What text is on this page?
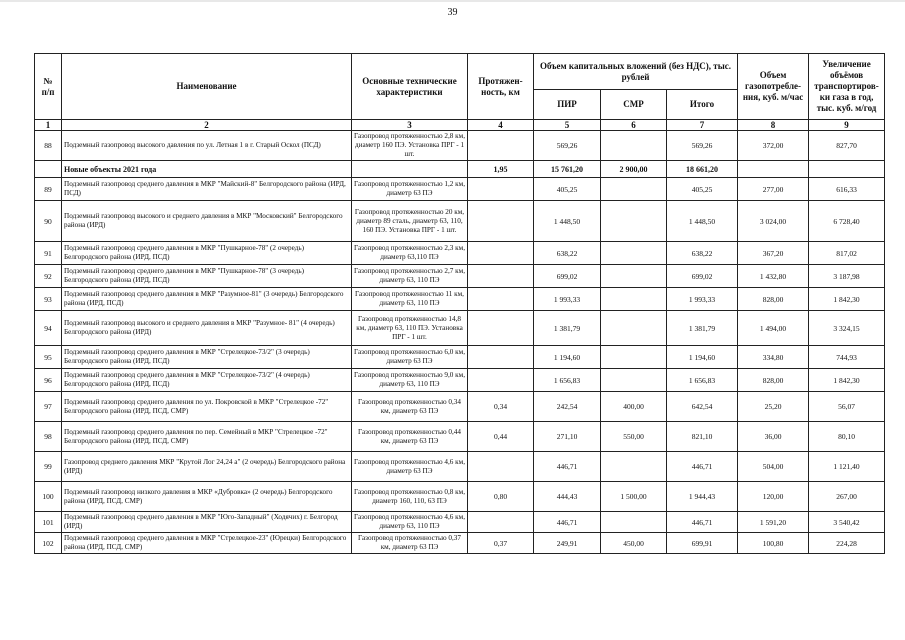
39
№
п/п	Наименование	Основные технические характеристики	Протяжен-ность, км	Объем капитальных вложений (без НДС), тыс. рублей			Объем газопотребле-ния, куб. м/час	Увеличение объёмов транспортиров-ки газа в год, тыс. куб. м/год
				ПИР	СМР	Итого		
1	2	3	4	5	6	7	8	9
88	Подземный газопровод высокого давления по ул. Летная 1 в г. Старый Оскол (ПСД)	Газопровод протяженностью 2,8 км, диаметр 160 ПЭ. Установка ПРГ - 1 шт.		569,26		569,26	372,00	827,70
	Новые объекты 2021 года		1,95	15 761,20	2 900,00	18 661,20		
89	Подземный газопровод среднего давления в МКР "Майский-8" Белгородского района (ИРД, ПСД)	Газопровод протяженностью 1,2 км, диаметр 63 ПЭ		405,25		405,25	277,00	616,33
90	Подземный газопровод высокого и среднего давления в МКР "Московский" Белгородского района (ИРД)	Газопровод протяженностью 20 км, диаметр 89 сталь, диаметр 63, 110, 160 ПЭ. Установка ПРГ - 1 шт.		1 448,50		1 448,50	3 024,00	6 728,40
91	Подземный газопровод среднего давления в МКР "Пушкарное-78" (2 очередь) Белгородского района (ИРД, ПСД)	Газопровод протяженностью 2,3 км, диаметр 63,110 ПЭ		638,22		638,22	367,20	817,02
92	Подземный газопровод среднего давления в МКР "Пушкарное-78" (3 очередь) Белгородского района (ИРД, ПСД)	Газопровод протяженностью 2,7 км, диаметр 63, 110 ПЭ		699,02		699,02	1 432,80	3 187,98
93	Подземный газопровод среднего давления в МКР "Разумное-81" (3 очередь) Белгородского района (ИРД, ПСД)	Газопровод протяженностью 11 км, диаметр 63, 110 ПЭ		1 993,33		1 993,33	828,00	1 842,30
94	Подземный газопровод высокого и среднего давления в МКР "Разумное- 81" (4 очередь) Белгородского района (ИРД)	Газопровод протяженностью 14,8 км, диаметр 63, 110 ПЭ. Установка ПРГ - 1 шт.		1 381,79		1 381,79	1 494,00	3 324,15
95	Подземный газопровод среднего давления в МКР "Стрелецкое-73/2" (3 очередь) Белгородского района (ИРД, ПСД)	Газопровод протяженностью 6,0 км, диаметр 63 ПЭ		1 194,60		1 194,60	334,80	744,93
96	Подземный газопровод среднего давления в МКР "Стрелецкое-73/2" (4 очередь) Белгородского района (ИРД, ПСД)	Газопровод протяженностью 9,0 км, диаметр 63, 110 ПЭ		1 656,83		1 656,83	828,00	1 842,30
97	Подземный газопровод среднего давления по ул. Покровской в МКР "Стрелецкое -72" Белгородского района (ИРД, ПСД, СМР)	Газопровод протяженностью 0,34 км, диаметр 63 ПЭ	0,34	242,54	400,00	642,54	25,20	56,07
98	Подземный газопровод среднего давления по пер. Семейный в МКР "Стрелецкое -72" Белгородского района (ИРД, ПСД, СМР)	Газопровод протяженностью 0,44 км, диаметр 63 ПЭ	0,44	271,10	550,00	821,10	36,00	80,10
99	Газопровод среднего давления МКР "Крутой Лог 24,24 а" (2 очередь) Белгородского района (ИРД)	Газопровод протяженностью 4,6 км, диаметр 63 ПЭ		446,71		446,71	504,00	1 121,40
100	Подземный газопровод низкого давления в МКР «Дубровка» (2 очередь) Белгородского района (ИРД, ПСД, СМР)	Газопровод протяженностью 0,8 км, диаметр 160, 110, 63 ПЭ	0,80	444,43	1 500,00	1 944,43	120,00	267,00
101	Подземный газопровод среднего давления в МКР "Юго-Западный" (Ходячих) г. Белгород (ИРД)	Газопровод протяженностью 4,6 км, диаметр 63, 110 ПЭ		446,71		446,71	1 591,20	3 540,42
102	Подземный газопровод среднего давления в МКР "Стрелецкое-23" (Юрецки) Белгородского района (ИРД, ПСД, СМР)	Газопровод протяженностью 0,37 км, диаметр 63 ПЭ	0,37	249,91	450,00	699,91	100,80	224,28
